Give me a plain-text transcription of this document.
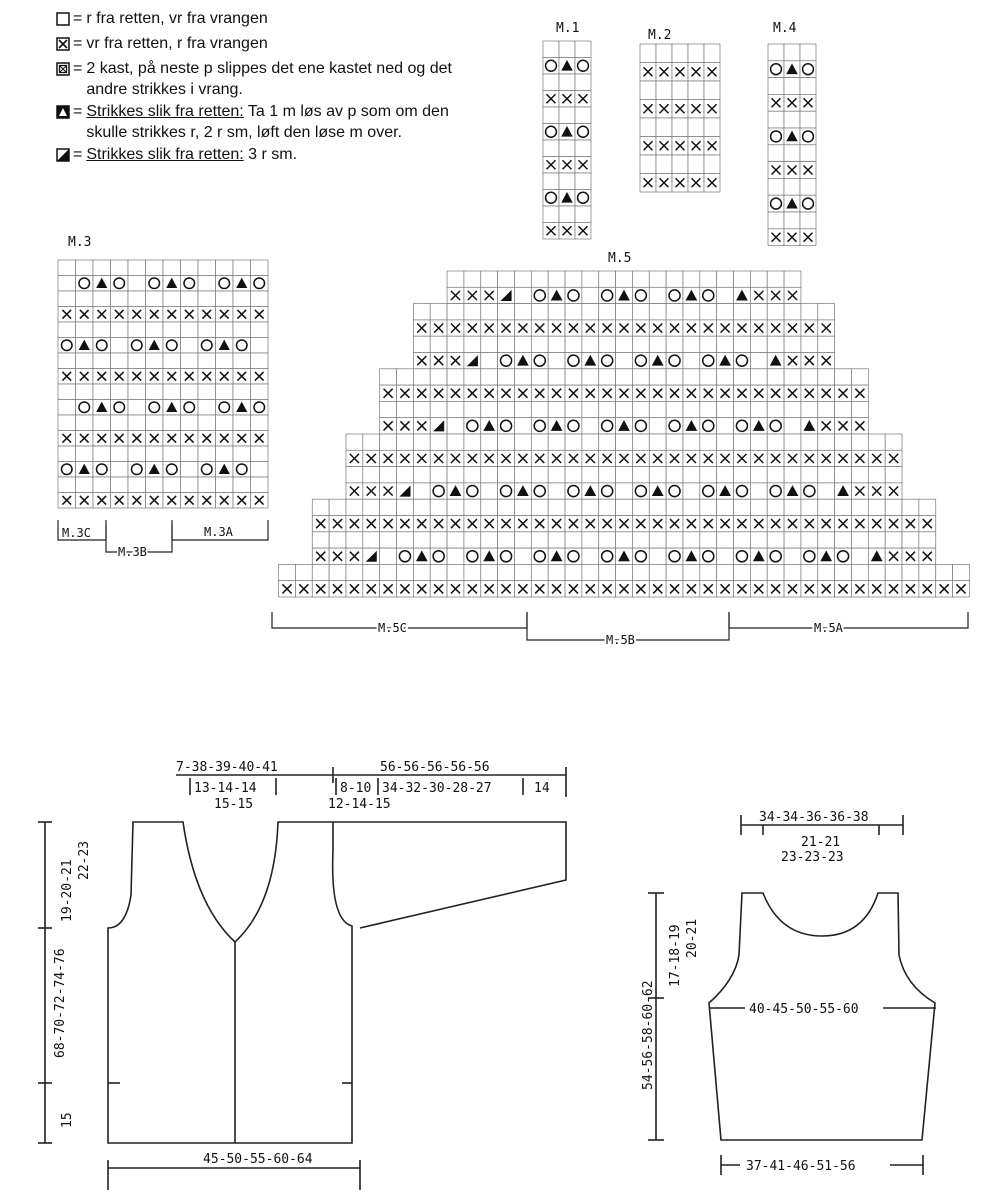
= r fra retten, vr fra vrangen
= vr fra retten, r fra vrangen
= 2 kast, på neste p slippes det ene kastet ned og det andre strikkes i vrang.
= Strikkes slik fra retten: Ta 1 m løs av p som om den skulle strikkes r, 2 r sm, løft den løse m over.
= Strikkes slik fra retten: 3 r sm.
M.1	M.2	M.4
M.3
M.3C
M.3B
M.3A
M.5
M.5C
M.5B
M.5A
7-38-39-40-41	56-56-56-56-56
13-14-14
15-15
8-10
12-14-15
34-32-30-28-27	14
45-50-55-60-64
19-20-21 22-23
68-70-72-74-76
15
34-34-36-36-38
21-21
23-23-23
40-45-50-55-60
37-41-46-51-56
17-18-19 20-21
54-56-58-60-62
